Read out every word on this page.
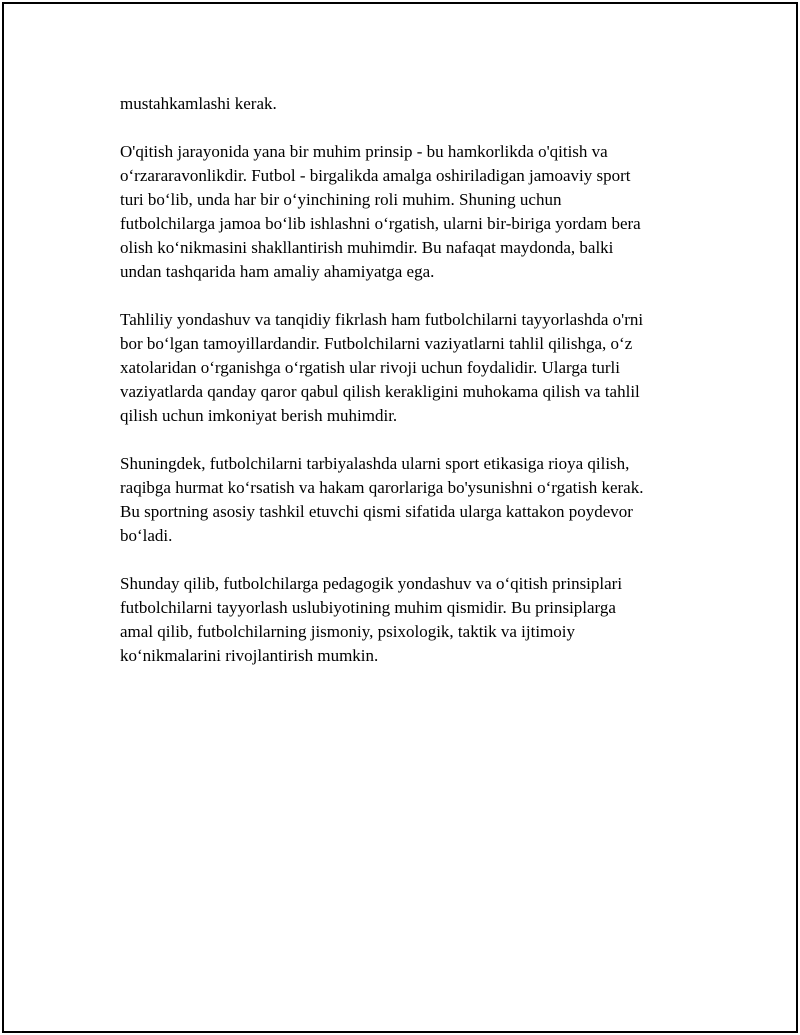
mustahkamlashi kerak.
O'qitish jarayonida yana bir muhim prinsip - bu hamkorlikda o'qitish va
o‘rzararavonlikdir. Futbol - birgalikda amalga oshiriladigan jamoaviy sport
turi bo‘lib, unda har bir o‘yinchining roli muhim. Shuning uchun
futbolchilarga jamoa bo‘lib ishlashni o‘rgatish, ularni bir-biriga yordam bera
olish ko‘nikmasini shakllantirish muhimdir. Bu nafaqat maydonda, balki
undan tashqarida ham amaliy ahamiyatga ega.
Tahliliy yondashuv va tanqidiy fikrlash ham futbolchilarni tayyorlashda o'rni
bor bo‘lgan tamoyillardandir. Futbolchilarni vaziyatlarni tahlil qilishga, o‘z
xatolaridan o‘rganishga o‘rgatish ular rivoji uchun foydalidir. Ularga turli
vaziyatlarda qanday qaror qabul qilish kerakligini muhokama qilish va tahlil
qilish uchun imkoniyat berish muhimdir.
Shuningdek, futbolchilarni tarbiyalashda ularni sport etikasiga rioya qilish,
raqibga hurmat ko‘rsatish va hakam qarorlariga bo'ysunishni o‘rgatish kerak.
Bu sportning asosiy tashkil etuvchi qismi sifatida ularga kattakon poydevor
bo‘ladi.
Shunday qilib, futbolchilarga pedagogik yondashuv va o‘qitish prinsiplari
futbolchilarni tayyorlash uslubiyotining muhim qismidir. Bu prinsiplarga
amal qilib, futbolchilarning jismoniy, psixologik, taktik va ijtimoiy
ko‘nikmalarini rivojlantirish mumkin.
